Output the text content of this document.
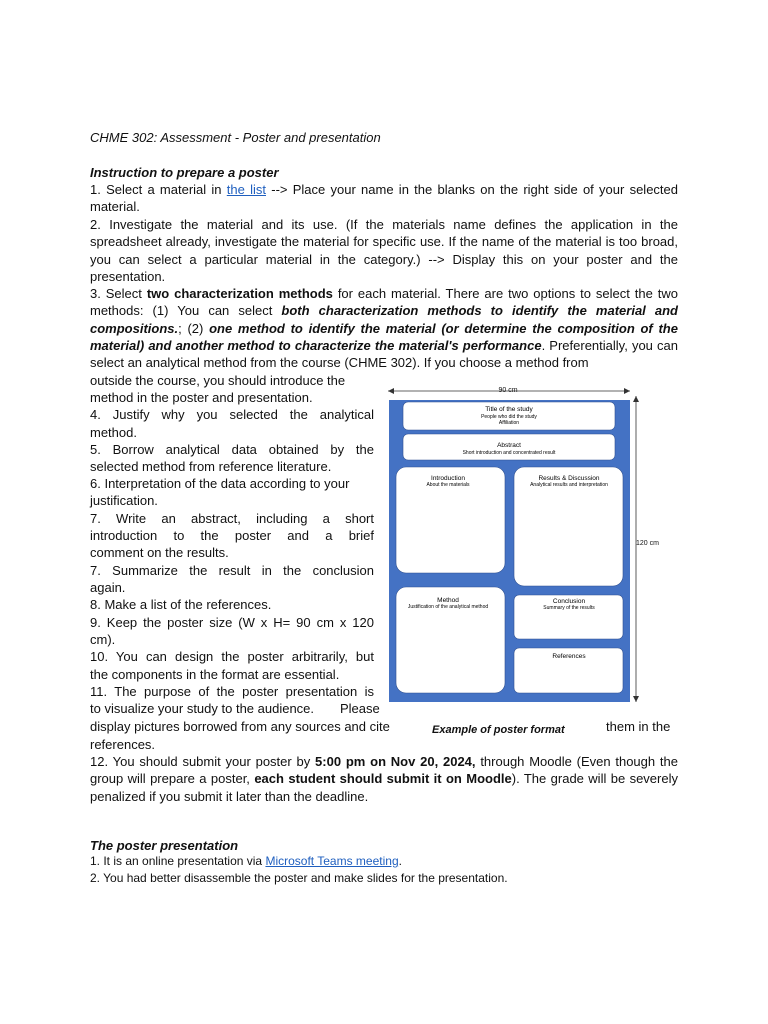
CHME 302: Assessment - Poster and presentation
Instruction to prepare a poster
1. Select a material in the list --> Place your name in the blanks on the right side of your selected material.
2. Investigate the material and its use. (If the materials name defines the application in the spreadsheet already, investigate the material for specific use. If the name of the material is too broad, you can select a particular material in the category.) --> Display this on your poster and the presentation.
3. Select two characterization methods for each material. There are two options to select the two methods: (1) You can select both characterization methods to identify the material and compositions.; (2) one method to identify the material (or determine the composition of the material) and another method to characterize the material's performance. Preferentially, you can select an analytical method from the course (CHME 302). If you choose a method from
outside the course, you should introduce the
method in the poster and presentation.
4. Justify why you selected the analytical
method.
5. Borrow analytical data obtained by the
selected method from reference literature.
6. Interpretation of the data according to your
justification.
7. Write an abstract, including a short
introduction to the poster and a brief
comment on the results.
7. Summarize the result in the conclusion
again.
8. Make a list of the references.
9. Keep the poster size (W x H= 90 cm x 120
cm).
10. You can design the poster arbitrarily, but
the components in the format are essential.
11. The purpose of the poster presentation is
to visualize your study to the audience.	Please
references.
12. You should submit your poster by 5:00 pm on Nov 20, 2024, through Moodle (Even though the group will prepare a poster, each student should submit it on Moodle). The grade will be severely penalized if you submit it later than the deadline.
The poster presentation
1. It is an online presentation via Microsoft Teams meeting.
2. You had better disassemble the poster and make slides for the presentation.
display pictures borrowed from any sources and cite	them in the
90 cm
120 cm
Title of the study
People who did the study
Affiliation
Abstract
Short introduction and concentrated result
Introduction
About the materials
Results & Discussion
Analytical results and interpretation
Method
Justification of the analytical method
Conclusion
Summary of the results
References
Example of poster format
